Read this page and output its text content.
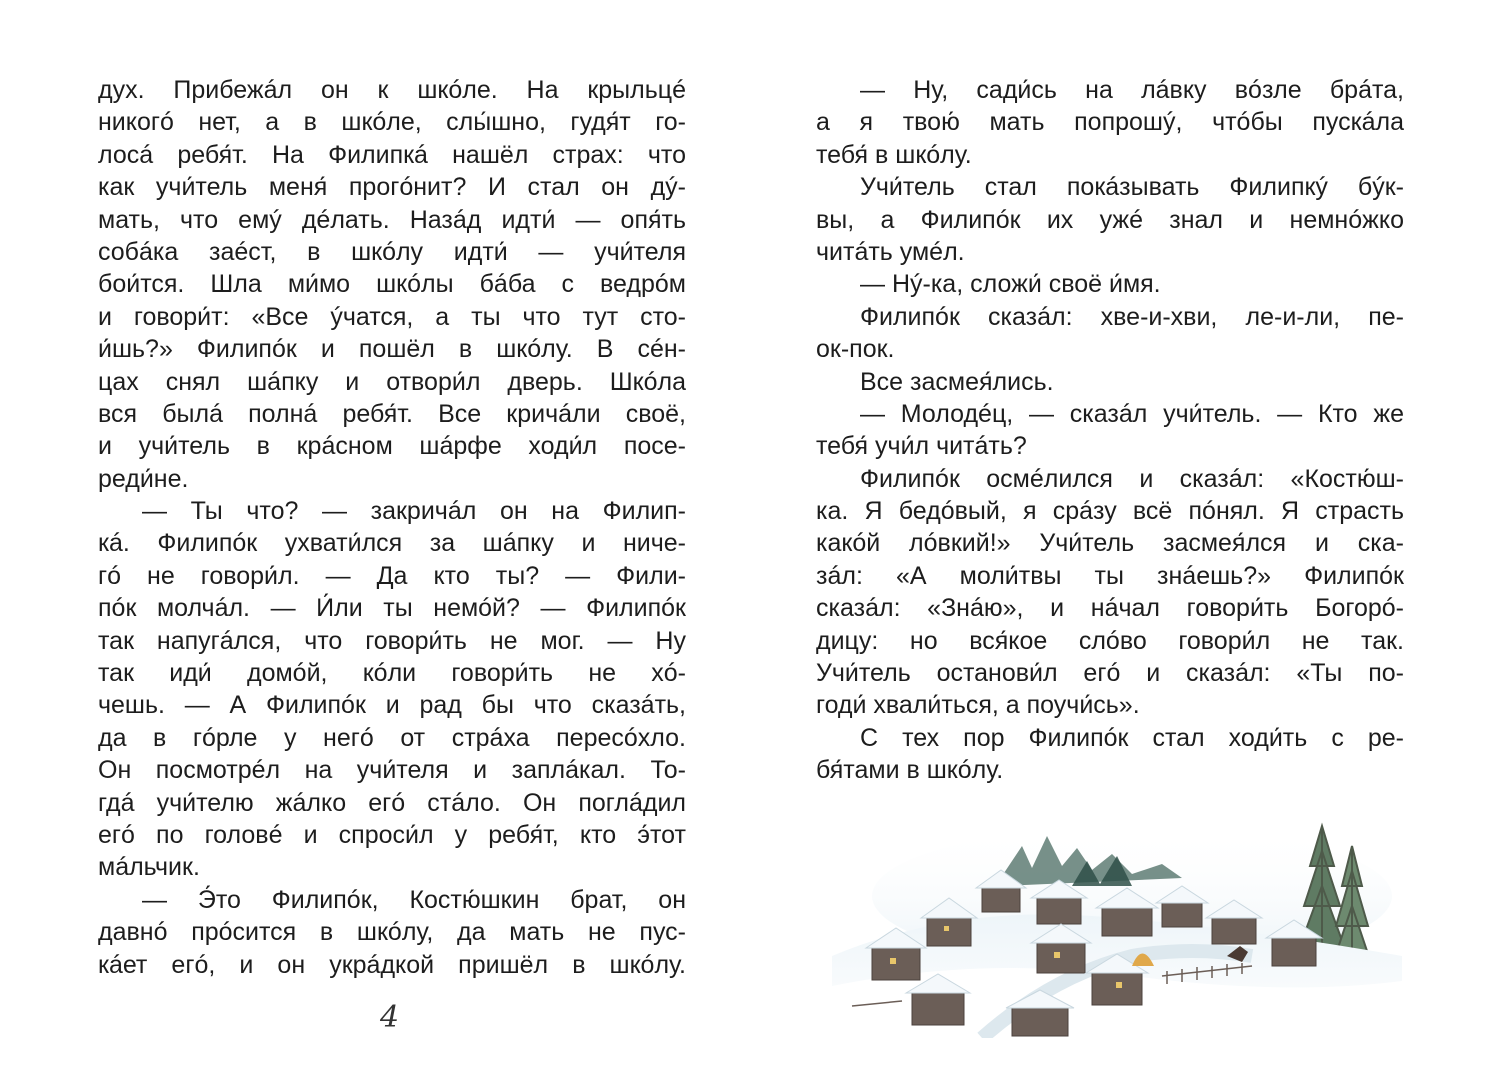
дух. Прибежáл он к шкóле. На крыльцé
никогó нет, а в шкóле, слы́шно, гудя́т го-
лосá ребя́т. На Филипкá нашёл страх: что
как учи́тель меня́ прогóнит? И стал он дý-
мать, что емý дéлать. Назáд идти́ — опя́ть
собáка заéст, в шкóлу идти́ — учи́теля
бои́тся. Шла ми́мо шкóлы бáба с ведрóм
и говори́т: «Все ýчатся, а ты что тут сто-
и́шь?» Филипóк и пошёл в шкóлу. В сéн-
цах снял шáпку и отвори́л дверь. Шкóла
вся былá полнá ребя́т. Все кричáли своё,
и учи́тель в крáсном шáрфе ходи́л посе-
реди́не.
— Ты что? — закричáл он на Филип-
кá. Филипóк ухвати́лся за шáпку и ниче-
гó не говори́л. — Да кто ты? — Фили-
пóк молчáл. — И́ли ты немóй? — Филипóк
так напугáлся, что говори́ть не мог. — Ну
так иди́ домóй, кóли говори́ть не хó-
чешь. — А Филипóк и рад бы что сказáть,
да в гóрле у негó от стрáха пересóхло.
Он посмотрéл на учи́теля и заплáкал. То-
гдá учи́телю жáлко егó стáло. Он поглáдил
егó по головé и спроси́л у ребя́т, кто э́тот
мáльчик.
— Э́то Филипóк, Костю́шкин брат, он
давнó прóсится в шкóлу, да мать не пус-
кáет егó, и он укрáдкой пришёл в шкóлу.
4
— Ну, сади́сь на лáвку вóзле брáта,
а я твою́ мать попрошý, чтóбы пускáла
тебя́ в шкóлу.
Учи́тель стал покáзывать Филипкý бýк-
вы, а Филипóк их ужé знал и немнóжко
читáть умéл.
— Нý-ка, сложи́ своё и́мя.
Филипóк сказáл: хве-и-хви, ле-и-ли, пе-
ок-пок.
Все засмея́лись.
— Молодéц, — сказáл учи́тель. — Кто же
тебя́ учи́л читáть?
Филипóк осмéлился и сказáл: «Костю́ш-
ка. Я бедóвый, я срáзу всё пóнял. Я страсть
какóй лóвкий!» Учи́тель засмея́лся и ска-
зáл: «А моли́твы ты знáешь?» Филипóк
сказáл: «Знáю», и нáчал говори́ть Богорó-
дицу: но вся́кое слóво говори́л не так.
Учи́тель останови́л егó и сказáл: «Ты по-
годи́ хвали́ться, а поучи́сь».
С тех пор Филипóк стал ходи́ть с ре-
бя́тами в шкóлу.
